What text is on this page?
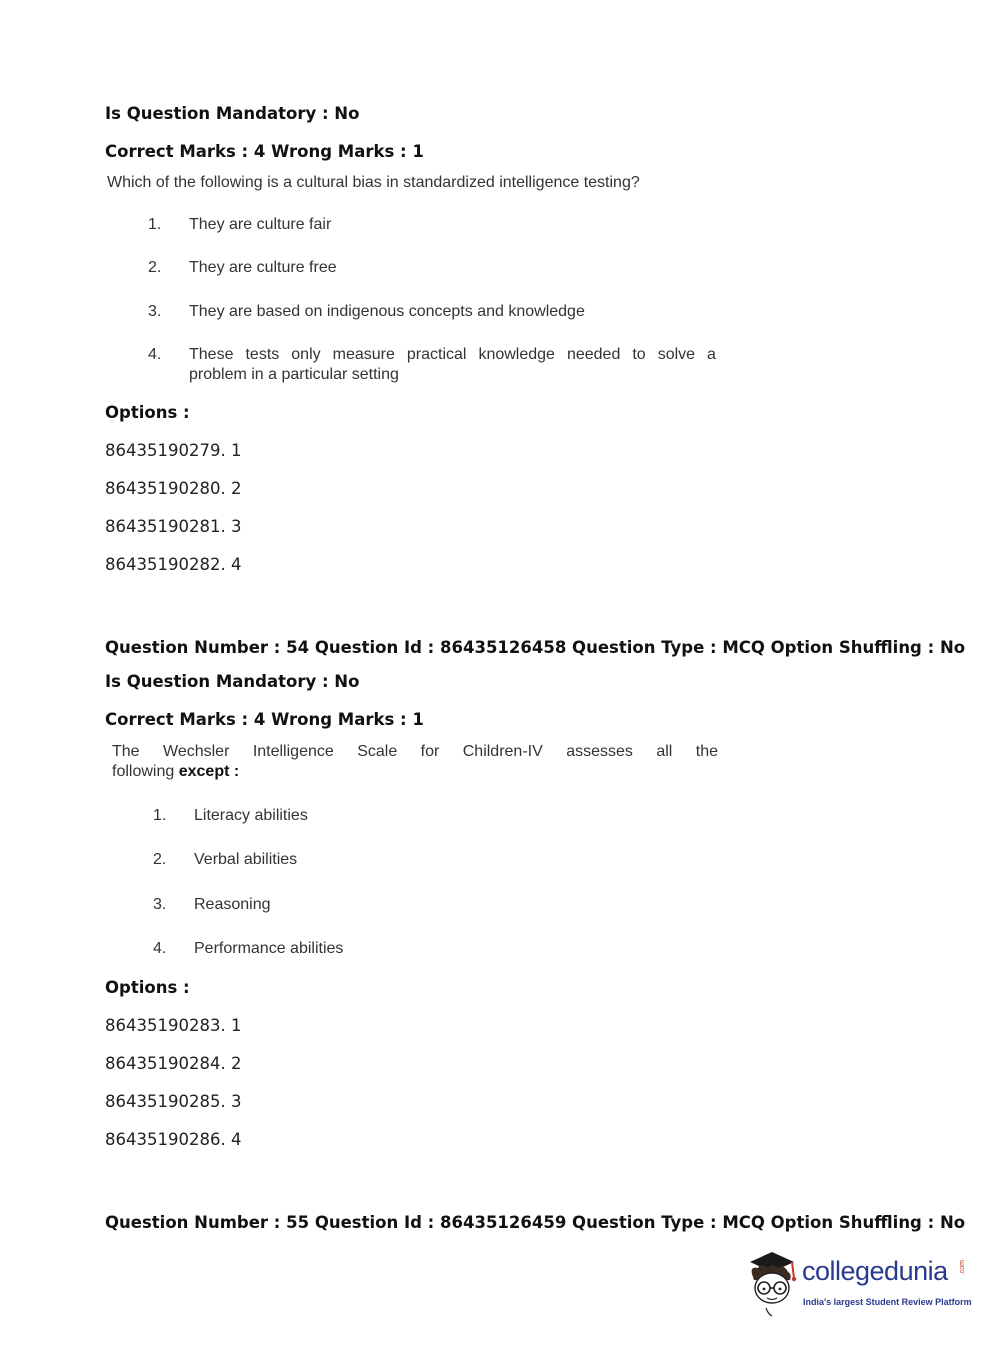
Is Question Mandatory : No
Correct Marks : 4 Wrong Marks : 1
Which of the following is a cultural bias in standardized intelligence testing?
1. They are culture fair
2. They are culture free
3. They are based on indigenous concepts and knowledge
4. These tests only measure practical knowledge needed to solve a
problem in a particular setting
Options :
86435190279. 1
86435190280. 2
86435190281. 3
86435190282. 4
Question Number : 54 Question Id : 86435126458 Question Type : MCQ Option Shuffling : No
Is Question Mandatory : No
Correct Marks : 4 Wrong Marks : 1
The Wechsler Intelligence Scale for Children-IV assesses all the
following except :
1. Literacy abilities
2. Verbal abilities
3. Reasoning
4. Performance abilities
Options :
86435190283. 1
86435190284. 2
86435190285. 3
86435190286. 4
Question Number : 55 Question Id : 86435126459 Question Type : MCQ Option Shuffling : No
collegedunia .com
India's largest Student Review Platform
